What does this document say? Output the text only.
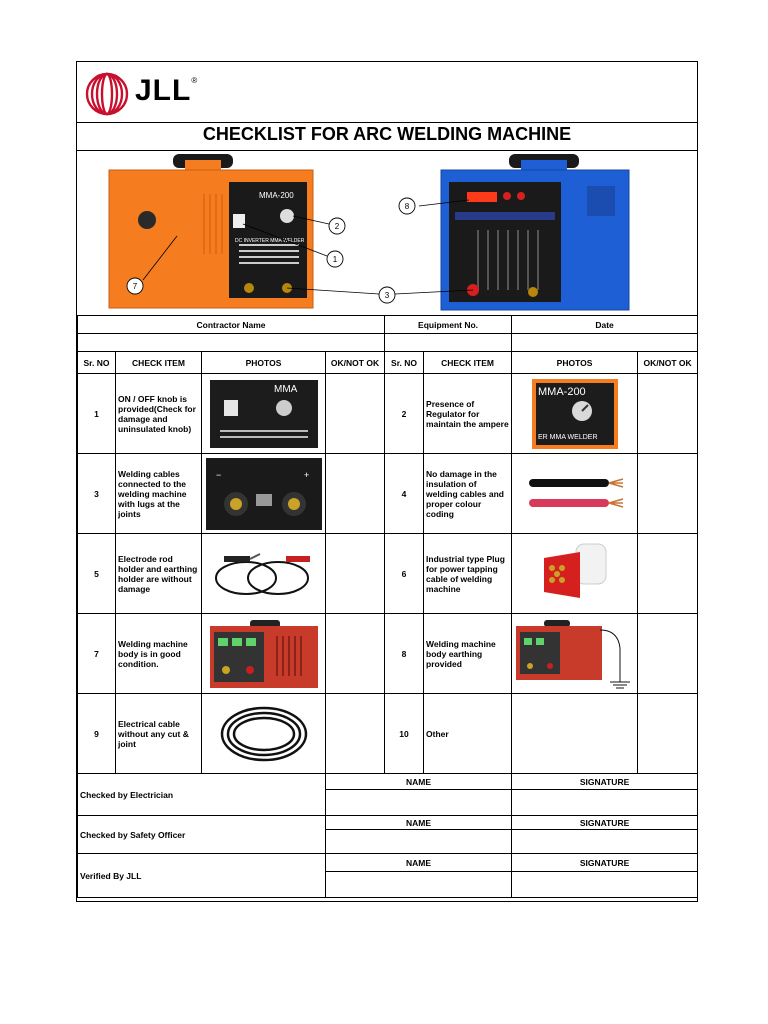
JLL®
CHECKLIST FOR ARC WELDING MACHINE
MMA-200
DC INVERTER MMA WELDER
1
2
3
7
8
Contractor Name				Equipment No.		Date	

Sr. NO	CHECK ITEM	PHOTOS	OK/NOT OK	Sr. NO	CHECK ITEM	PHOTOS	OK/NOT OK
1	ON / OFF knob is provided(Check for damage and uninsulated knob)	MMA		2	Presence of Regulator for maintain the ampere	MMA-200
ER MMA WELDER	

3	Welding cables connected to the welding machine with lugs at the joints	− +		4	No damage in the insulation of welding cables and proper colour coding	

5	Electrode rod holder and earthing holder are without damage			6	Industrial type Plug for power tapping cable of welding machine	

7	Welding machine body is in good condition.			8	Welding machine body earthing provided	

9	Electrical cable without any cut & joint			10	Other		
Checked by Electrician			NAME			SIGNATURE	

Checked by Safety Officer			NAME			SIGNATURE	

Verified By JLL			NAME			SIGNATURE	
